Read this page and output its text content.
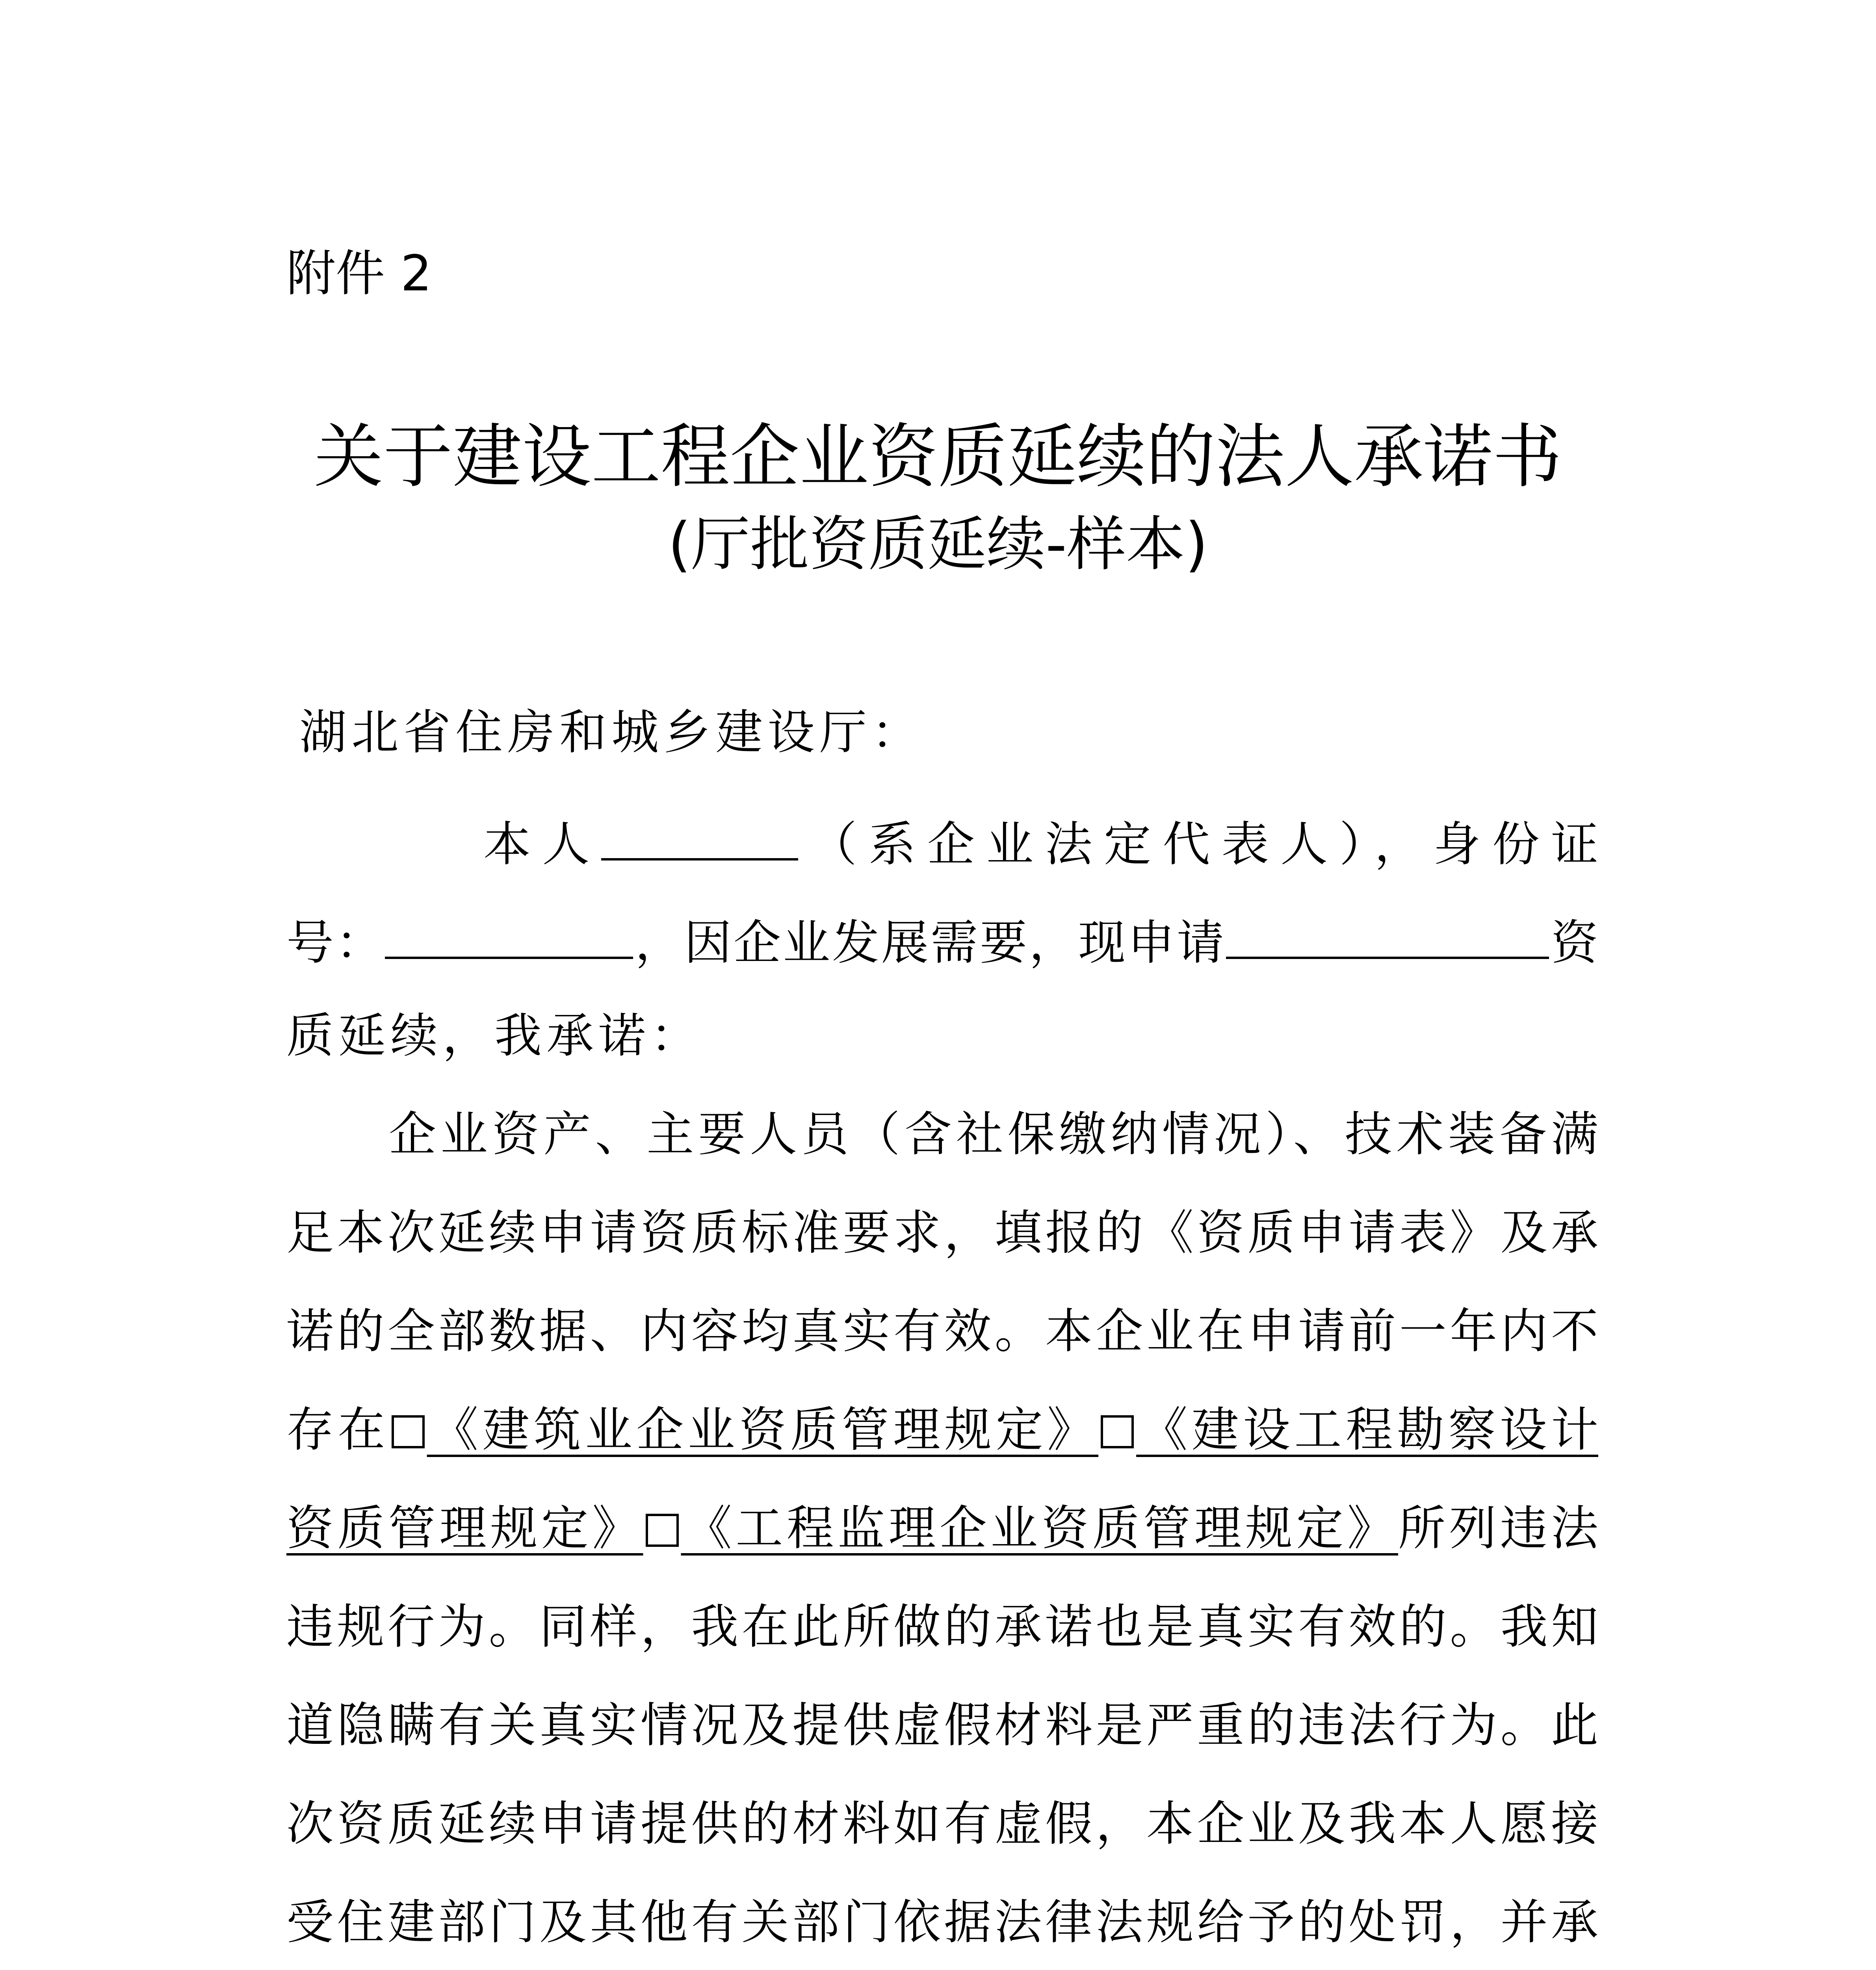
附件 2
关于建设工程企业资质延续的法人承诺书
(厅批资质延续-样本)
湖北省住房和城乡建设厅：
本人	（系企业法定代表人），身份证
号：	，因企业发展需要，现申请	资
质延续，我承诺：
企业资产、主要人员（含社保缴纳情况）、技术装备满
足本次延续申请资质标准要求，填报的《资质申请表》及承
诺的全部数据、内容均真实有效。本企业在申请前一年内不
存在 《建筑业企业资质管理规定》 《建设工程勘察设计
资质管理规定》 《工程监理企业资质管理规定》所列违法
违规行为。同样，我在此所做的承诺也是真实有效的。我知
道隐瞒有关真实情况及提供虚假材料是严重的违法行为。此
次资质延续申请提供的材料如有虚假，本企业及我本人愿接
受住建部门及其他有关部门依据法律法规给予的处罚，并承
